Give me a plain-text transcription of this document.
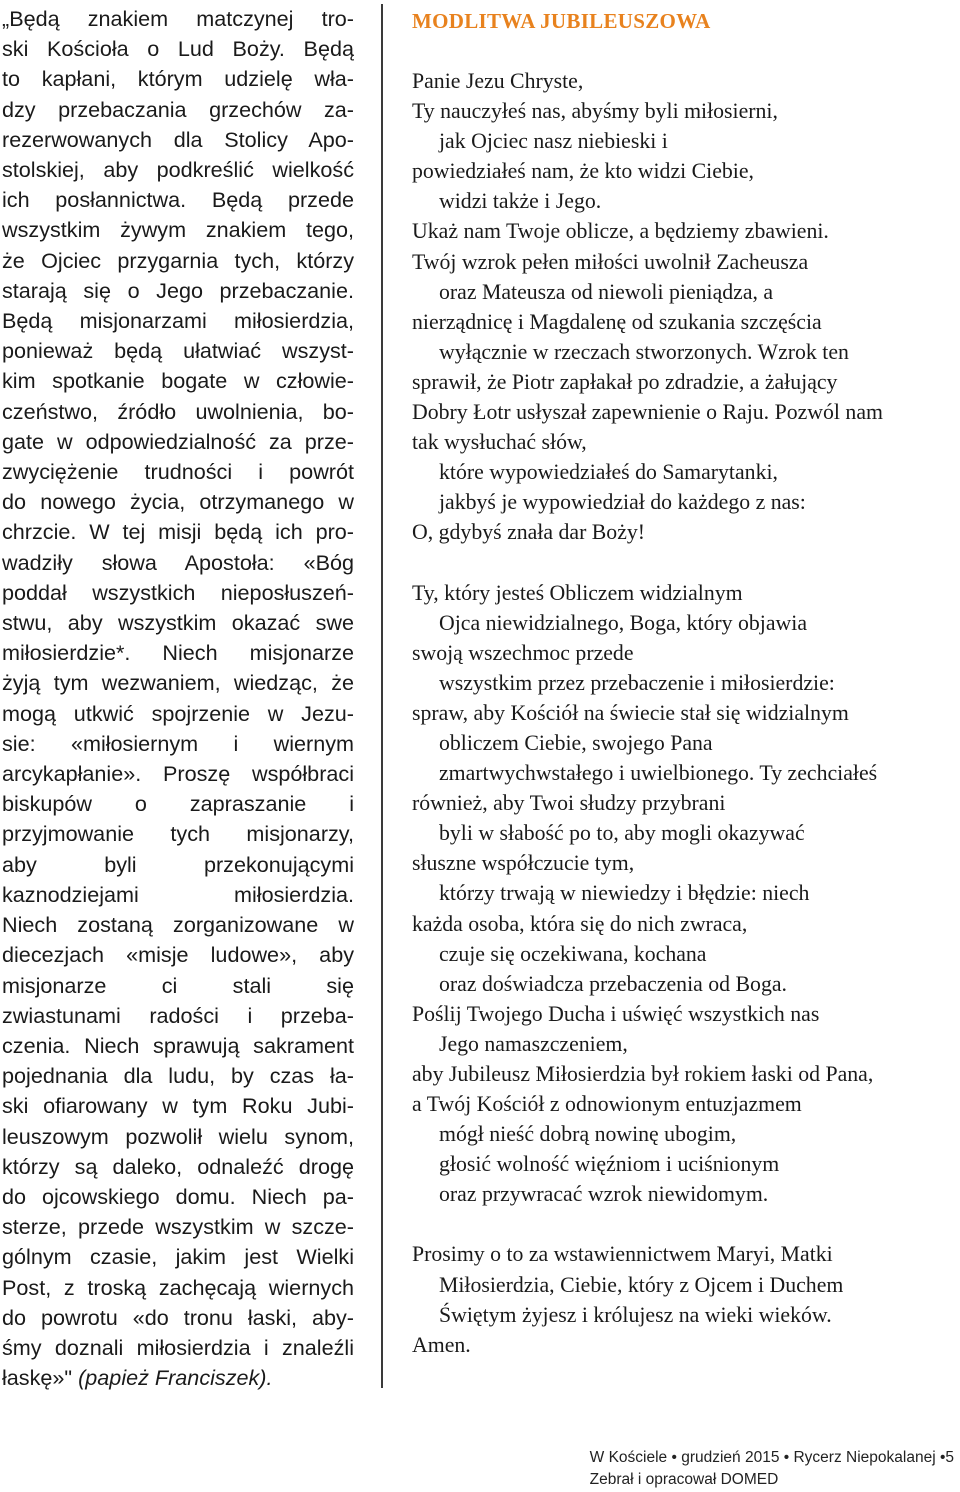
„Będą znakiem matczynej tro-
ski Kościoła o Lud Boży. Będą
to kapłani, którym udzielę wła-
dzy przebaczania grzechów za-
rezerwowanych dla Stolicy Apo-
stolskiej, aby podkreślić wielkość
ich posłannictwa. Będą przede
wszystkim żywym znakiem tego,
że Ojciec przygarnia tych, którzy
starają się o Jego przebaczanie.
Będą misjonarzami miłosierdzia,
ponieważ będą ułatwiać wszyst-
kim spotkanie bogate w człowie-
czeństwo, źródło uwolnienia, bo-
gate w odpowiedzialność za prze-
zwyciężenie trudności i powrót
do nowego życia, otrzymanego w
chrzcie. W tej misji będą ich pro-
wadziły słowa Apostoła: «Bóg
poddał wszystkich nieposłuszeń-
stwu, aby wszystkim okazać swe
miłosierdzie*. Niech misjonarze
żyją tym wezwaniem, wiedząc, że
mogą utkwić spojrzenie w Jezu-
sie: «miłosiernym i wiernym
arcykapłanie». Proszę współbraci
biskupów o zapraszanie i
przyjmowanie tych misjonarzy,
aby byli przekonującymi
kaznodziejami miłosierdzia.
Niech zostaną zorganizowane w
diecezjach «misje ludowe», aby
misjonarze ci stali się
zwiastunami radości i przeba-
czenia. Niech sprawują sakrament
pojednania dla ludu, by czas ła-
ski ofiarowany w tym Roku Jubi-
leuszowym pozwolił wielu synom,
którzy są daleko, odnaleźć drogę
do ojcowskiego domu. Niech pa-
sterze, przede wszystkim w szcze-
gólnym czasie, jakim jest Wielki
Post, z troską zachęcają wiernych
do powrotu «do tronu łaski, aby-
śmy doznali miłosierdzia i znaleźli
łaskę»" (papież Franciszek).
MODLITWA JUBILEUSZOWA
Panie Jezu Chryste,
Ty nauczyłeś nas, abyśmy byli miłosierni,
jak Ojciec nasz niebieski i
powiedziałeś nam, że kto widzi Ciebie,
widzi także i Jego.
Ukaż nam Twoje oblicze, a będziemy zbawieni.
Twój wzrok pełen miłości uwolnił Zacheusza
oraz Mateusza od niewoli pieniądza, a
nierządnicę i Magdalenę od szukania szczęścia
wyłącznie w rzeczach stworzonych. Wzrok ten
sprawił, że Piotr zapłakał po zdradzie, a żałujący
Dobry Łotr usłyszał zapewnienie o Raju. Pozwól nam
tak wysłuchać słów,
które wypowiedziałeś do Samarytanki,
jakbyś je wypowiedział do każdego z nas:
O, gdybyś znała dar Boży!
Ty, który jesteś Obliczem widzialnym
Ojca niewidzialnego, Boga, który objawia
swoją wszechmoc przede
wszystkim przez przebaczenie i miłosierdzie:
spraw, aby Kościół na świecie stał się widzialnym
obliczem Ciebie, swojego Pana
zmartwychwstałego i uwielbionego. Ty zechciałeś
również, aby Twoi słudzy przybrani
byli w słabość po to, aby mogli okazywać
słuszne współczucie tym,
którzy trwają w niewiedzy i błędzie: niech
każda osoba, która się do nich zwraca,
czuje się oczekiwana, kochana
oraz doświadcza przebaczenia od Boga.
Poślij Twojego Ducha i uświęć wszystkich nas
Jego namaszczeniem,
aby Jubileusz Miłosierdzia był rokiem łaski od Pana,
a Twój Kościół z odnowionym entuzjazmem
mógł nieść dobrą nowinę ubogim,
głosić wolność więźniom i uciśnionym
oraz przywracać wzrok niewidomym.
Prosimy o to za wstawiennictwem Maryi, Matki
Miłosierdzia, Ciebie, który z Ojcem i Duchem
Świętym żyjesz i królujesz na wieki wieków.
Amen.
W Kościele • grudzień 2015 • Rycerz Niepokalanej •5

Zebrał i opracował DOMED
